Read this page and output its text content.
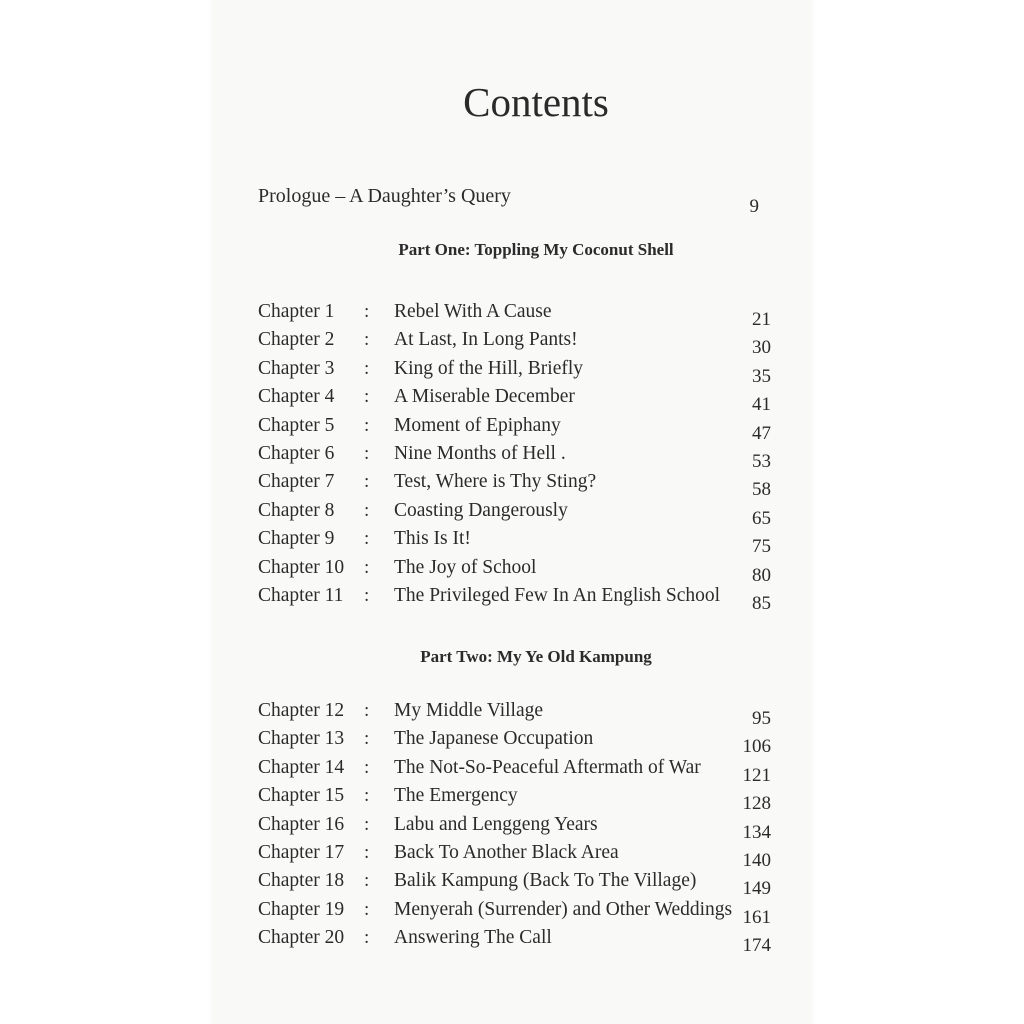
Contents
Prologue – A Daughter’s Query	9
Part One: Toppling My Coconut Shell
Chapter 1 : Rebel With A Cause	21
Chapter 2 : At Last, In Long Pants!	30
Chapter 3 : King of the Hill, Briefly	35
Chapter 4 : A Miserable December	41
Chapter 5 : Moment of Epiphany	47
Chapter 6 : Nine Months of Hell .	53
Chapter 7 : Test, Where is Thy Sting?	58
Chapter 8 : Coasting Dangerously	65
Chapter 9 : This Is It!	75
Chapter 10 : The Joy of School	80
Chapter 11 : The Privileged Few In An English School	85
Part Two: My Ye Old Kampung
Chapter 12 : My Middle Village	95
Chapter 13 : The Japanese Occupation	106
Chapter 14 : The Not-So-Peaceful Aftermath of War	121
Chapter 15 : The Emergency	128
Chapter 16 : Labu and Lenggeng Years	134
Chapter 17 : Back To Another Black Area	140
Chapter 18 : Balik Kampung (Back To The Village)	149
Chapter 19 : Menyerah (Surrender) and Other Weddings 161
Chapter 20 : Answering The Call	174
